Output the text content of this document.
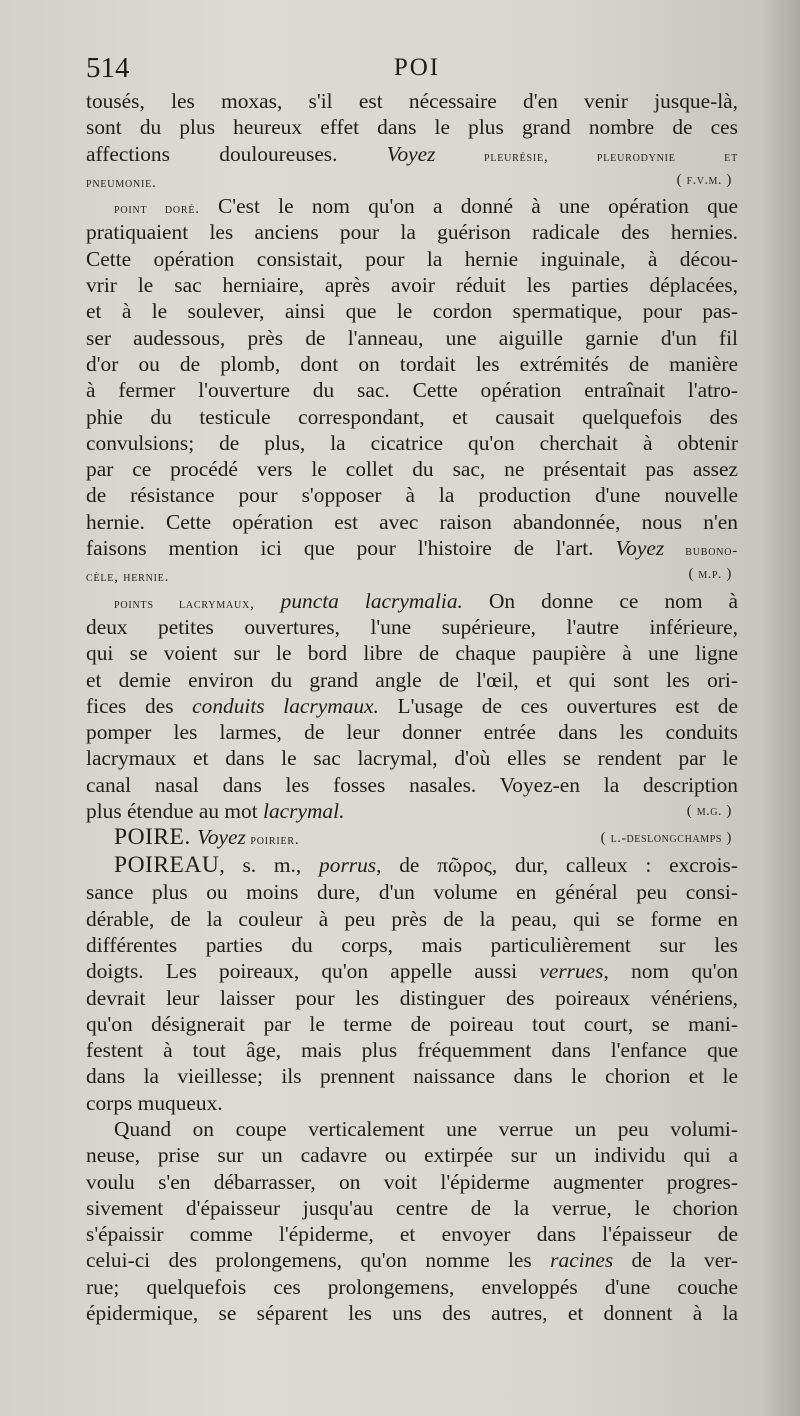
514	POI
tousés, les moxas, s'il est nécessaire d'en venir jusque-là,
sont du plus heureux effet dans le plus grand nombre de ces
affections douloureuses. Voyez pleurésie, pleurodynie et
( f.v.m. )
pneumonie.
point doré. C'est le nom qu'on a donné à une opération que
pratiquaient les anciens pour la guérison radicale des hernies.
Cette opération consistait, pour la hernie inguinale, à décou-
vrir le sac herniaire, après avoir réduit les parties déplacées,
et à le soulever, ainsi que le cordon spermatique, pour pas-
ser audessous, près de l'anneau, une aiguille garnie d'un fil
d'or ou de plomb, dont on tordait les extrémités de manière
à fermer l'ouverture du sac. Cette opération entraînait l'atro-
phie du testicule correspondant, et causait quelquefois des
convulsions; de plus, la cicatrice qu'on cherchait à obtenir
par ce procédé vers le collet du sac, ne présentait pas assez
de résistance pour s'opposer à la production d'une nouvelle
hernie. Cette opération est avec raison abandonnée, nous n'en
faisons mention ici que pour l'histoire de l'art. Voyez bubono-
( m.p. )
cèle, hernie.
points lacrymaux, puncta lacrymalia. On donne ce nom à
deux petites ouvertures, l'une supérieure, l'autre inférieure,
qui se voient sur le bord libre de chaque paupière à une ligne
et demie environ du grand angle de l'œil, et qui sont les ori-
fices des conduits lacrymaux. L'usage de ces ouvertures est de
pomper les larmes, de leur donner entrée dans les conduits
lacrymaux et dans le sac lacrymal, d'où elles se rendent par le
canal nasal dans les fosses nasales. Voyez-en la description
( m.g. )
plus étendue au mot lacrymal.
( l.-deslongchamps )
POIRE. Voyez poirier.
POIREAU, s. m., porrus, de πῶρος, dur, calleux : excrois-
sance plus ou moins dure, d'un volume en général peu consi-
dérable, de la couleur à peu près de la peau, qui se forme en
différentes parties du corps, mais particulièrement sur les
doigts. Les poireaux, qu'on appelle aussi verrues, nom qu'on
devrait leur laisser pour les distinguer des poireaux vénériens,
qu'on désignerait par le terme de poireau tout court, se mani-
festent à tout âge, mais plus fréquemment dans l'enfance que
dans la vieillesse; ils prennent naissance dans le chorion et le
corps muqueux.
Quand on coupe verticalement une verrue un peu volumi-
neuse, prise sur un cadavre ou extirpée sur un individu qui a
voulu s'en débarrasser, on voit l'épiderme augmenter progres-
sivement d'épaisseur jusqu'au centre de la verrue, le chorion
s'épaissir comme l'épiderme, et envoyer dans l'épaisseur de
celui-ci des prolongemens, qu'on nomme les racines de la ver-
rue; quelquefois ces prolongemens, enveloppés d'une couche
épidermique, se séparent les uns des autres, et donnent à la
